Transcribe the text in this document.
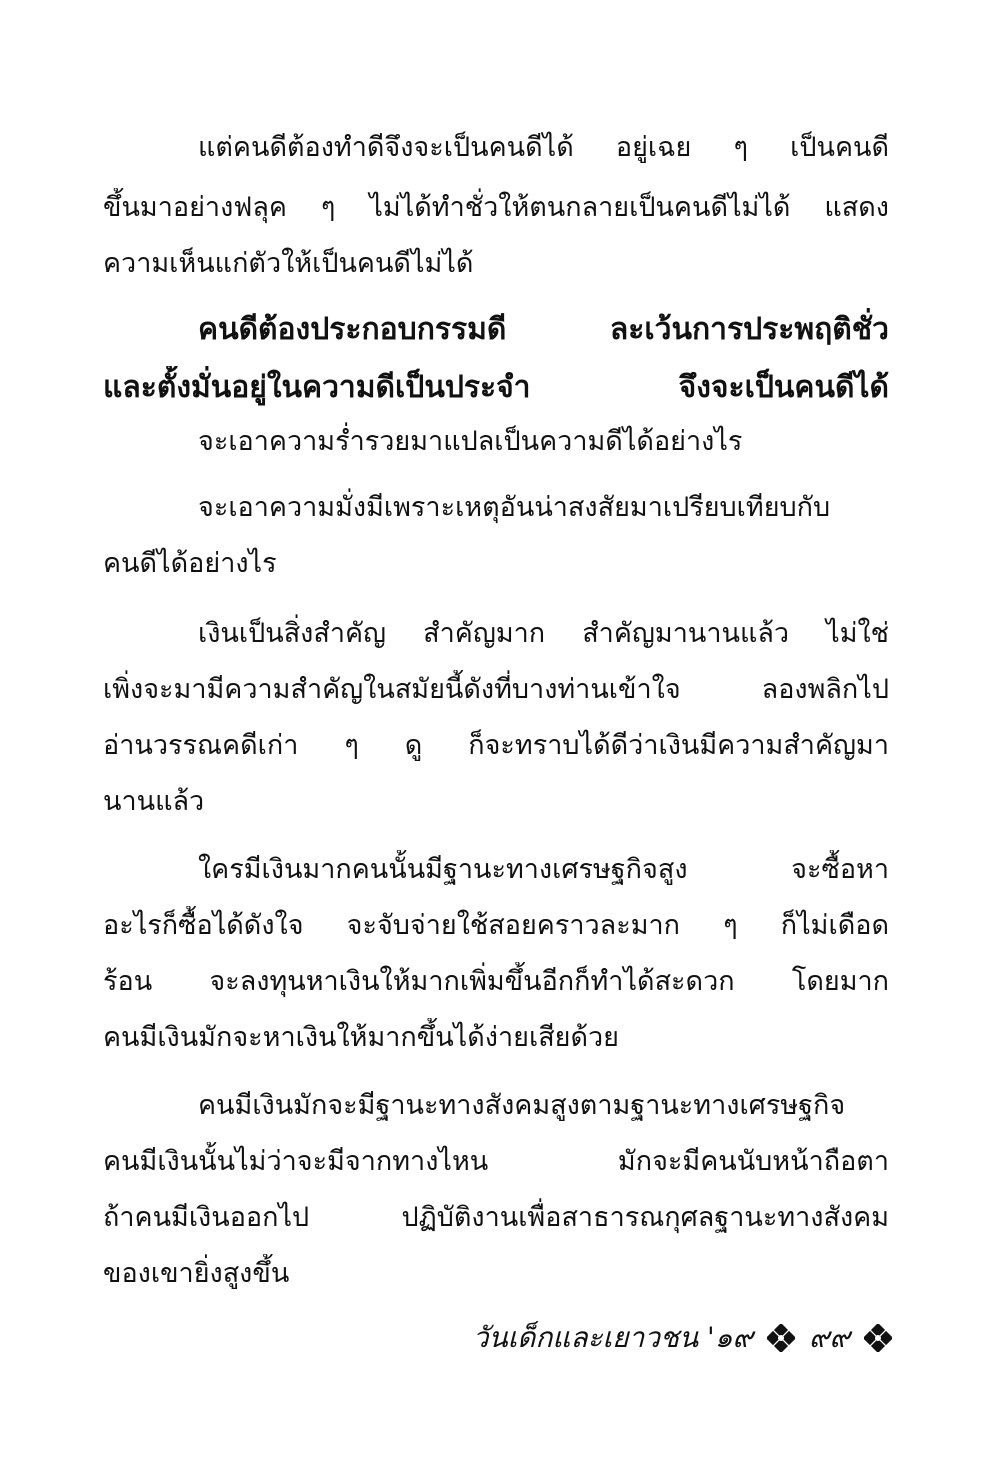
แต่คนดีต้องทำดีจึงจะเป็นคนดีได้ อยู่เฉย ๆ เป็นคนดี
ขึ้นมาอย่างฟลุค ๆ ไม่ได้ทำชั่วให้ตนกลายเป็นคนดีไม่ได้ แสดง
ความเห็นแก่ตัวให้เป็นคนดีไม่ได้
คนดีต้องประกอบกรรมดี ละเว้นการประพฤติชั่ว
และตั้งมั่นอยู่ในความดีเป็นประจำ จึงจะเป็นคนดีได้
จะเอาความร่ำรวยมาแปลเป็นความดีได้อย่างไร
จะเอาความมั่งมีเพราะเหตุอันน่าสงสัยมาเปรียบเทียบกับ
คนดีได้อย่างไร
เงินเป็นสิ่งสำคัญ สำคัญมาก สำคัญมานานแล้ว ไม่ใช่
เพิ่งจะมามีความสำคัญในสมัยนี้ดังที่บางท่านเข้าใจ ลองพลิกไป
อ่านวรรณคดีเก่า ๆ ดู ก็จะทราบได้ดีว่าเงินมีความสำคัญมา
นานแล้ว
ใครมีเงินมากคนนั้นมีฐานะทางเศรษฐกิจสูง จะซื้อหา
อะไรก็ซื้อได้ดังใจ จะจับจ่ายใช้สอยคราวละมาก ๆ ก็ไม่เดือด
ร้อน จะลงทุนหาเงินให้มากเพิ่มขึ้นอีกก็ทำได้สะดวก โดยมาก
คนมีเงินมักจะหาเงินให้มากขึ้นได้ง่ายเสียด้วย
คนมีเงินมักจะมีฐานะทางสังคมสูงตามฐานะทางเศรษฐกิจ
คนมีเงินนั้นไม่ว่าจะมีจากทางไหน มักจะมีคนนับหน้าถือตา
ถ้าคนมีเงินออกไป ปฏิบัติงานเพื่อสาธารณกุศลฐานะทางสังคม
ของเขายิ่งสูงขึ้น
วันเด็กและเยาวชน '๑๙ ๙๙
